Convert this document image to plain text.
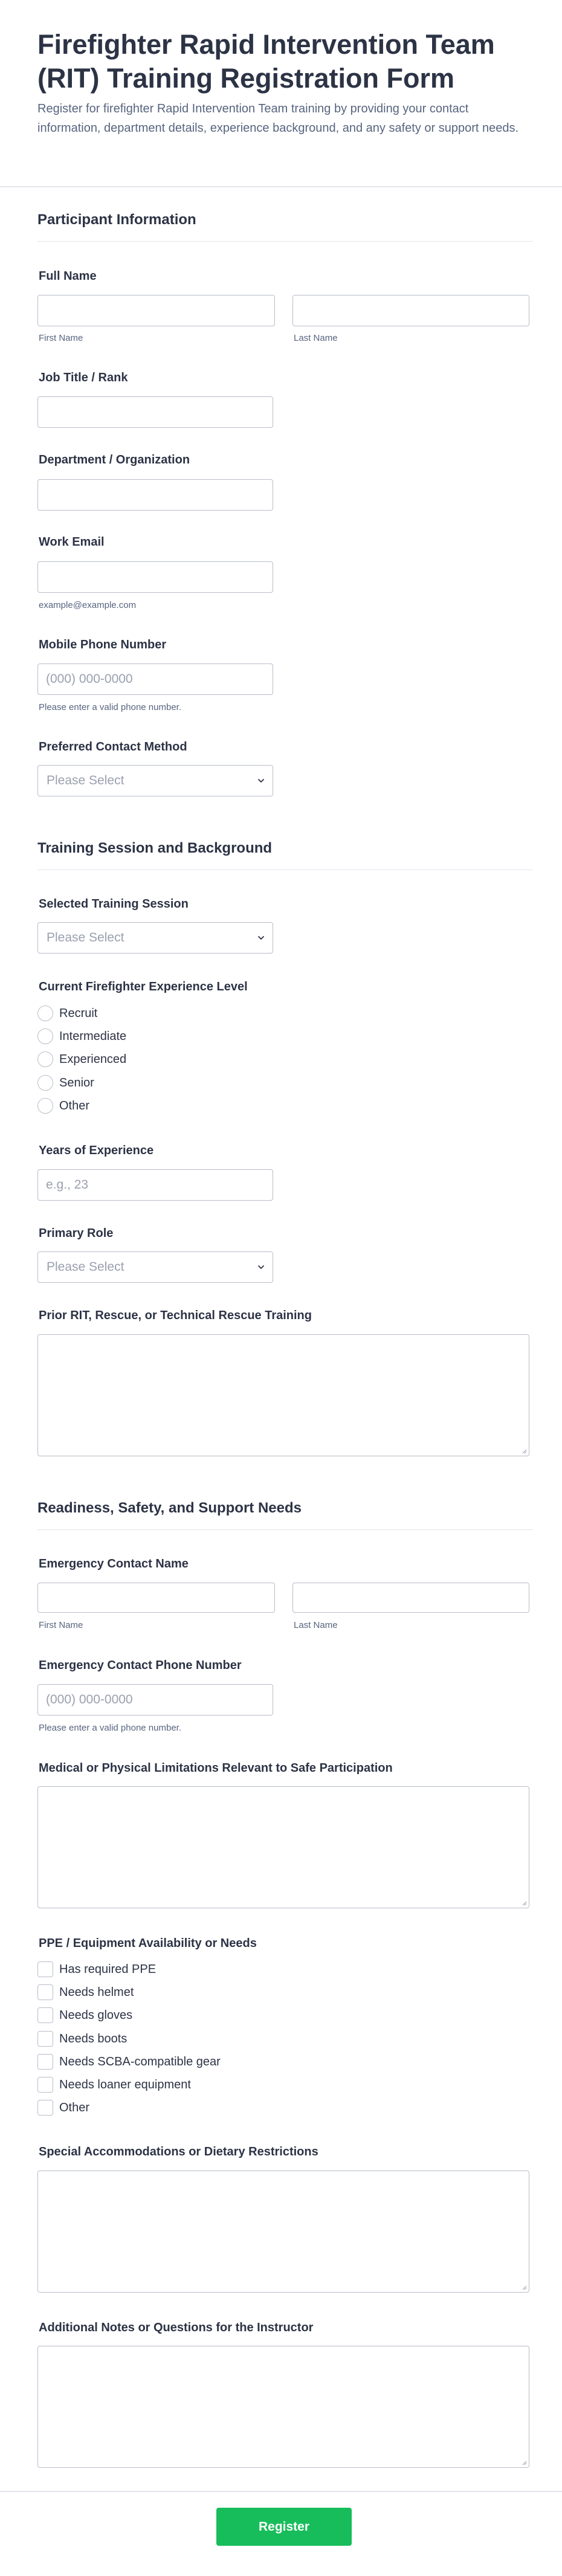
Firefighter Rapid Intervention Team (RIT) Training Registration Form
Register for firefighter Rapid Intervention Team training by providing your contact information, department details, experience background, and any safety or support needs.
Participant Information
Full Name
First Name	Last Name
Job Title / Rank
Department / Organization
Work Email
example@example.com
Mobile Phone Number
(000) 000-0000
Please enter a valid phone number.
Preferred Contact Method
Please Select
Training Session and Background
Selected Training Session
Please Select
Current Firefighter Experience Level
Recruit
Intermediate
Experienced
Senior
Other
Years of Experience
e.g., 23
Primary Role
Please Select
Prior RIT, Rescue, or Technical Rescue Training
Readiness, Safety, and Support Needs
Emergency Contact Name
First Name	Last Name
Emergency Contact Phone Number
(000) 000-0000
Please enter a valid phone number.
Medical or Physical Limitations Relevant to Safe Participation
PPE / Equipment Availability or Needs
Has required PPE
Needs helmet
Needs gloves
Needs boots
Needs SCBA-compatible gear
Needs loaner equipment
Other
Special Accommodations or Dietary Restrictions
Additional Notes or Questions for the Instructor
Register
